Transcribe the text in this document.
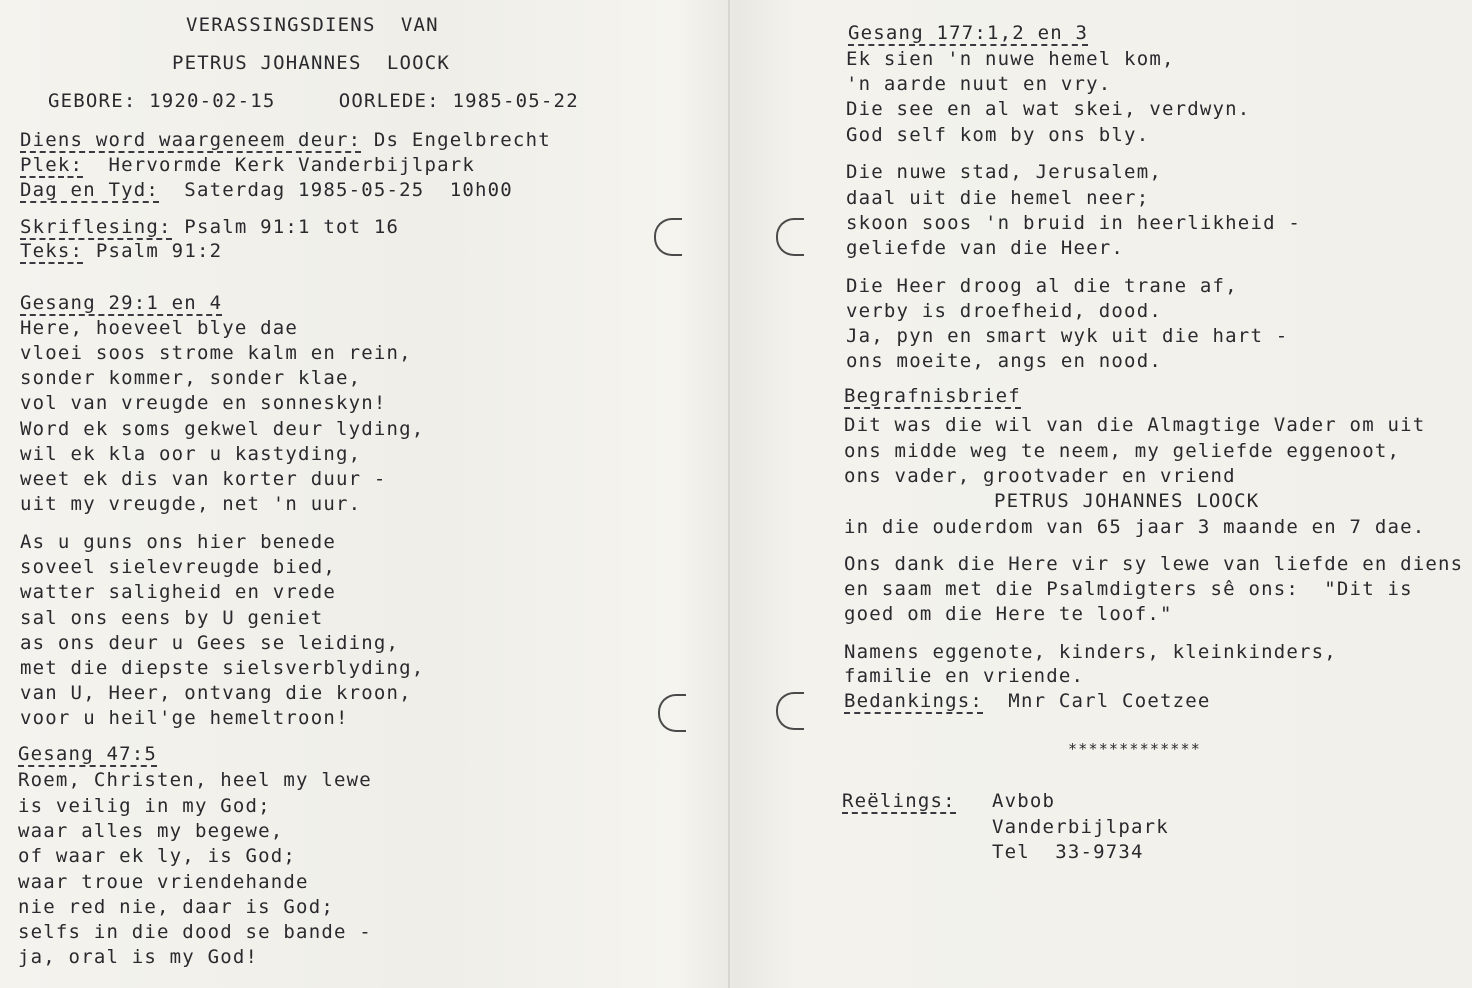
VERASSINGSDIENS  VAN
PETRUS JOHANNES  LOOCK
GEBORE: 1920-02-15     OORLEDE: 1985-05-22
Diens word waargeneem deur: Ds Engelbrecht
Plek:  Hervormde Kerk Vanderbijlpark
Dag en Tyd:  Saterdag 1985-05-25  10h00
Skriflesing: Psalm 91:1 tot 16
Teks: Psalm 91:2
Gesang 29:1 en 4
Here, hoeveel blye dae
vloei soos strome kalm en rein,
sonder kommer, sonder klae,
vol van vreugde en sonneskyn!
Word ek soms gekwel deur lyding,
wil ek kla oor u kastyding,
weet ek dis van korter duur -
uit my vreugde, net 'n uur.
As u guns ons hier benede
soveel sielevreugde bied,
watter saligheid en vrede
sal ons eens by U geniet
as ons deur u Gees se leiding,
met die diepste sielsverblyding,
van U, Heer, ontvang die kroon,
voor u heil'ge hemeltroon!
Gesang 47:5
Roem, Christen, heel my lewe
is veilig in my God;
waar alles my begewe,
of waar ek ly, is God;
waar troue vriendehande
nie red nie, daar is God;
selfs in die dood se bande -
ja, oral is my God!
Gesang 177:1,2 en 3
Ek sien 'n nuwe hemel kom,
'n aarde nuut en vry.
Die see en al wat skei, verdwyn.
God self kom by ons bly.
Die nuwe stad, Jerusalem,
daal uit die hemel neer;
skoon soos 'n bruid in heerlikheid -
geliefde van die Heer.
Die Heer droog al die trane af,
verby is droefheid, dood.
Ja, pyn en smart wyk uit die hart -
ons moeite, angs en nood.
Begrafnisbrief
Dit was die wil van die Almagtige Vader om uit
ons midde weg te neem, my geliefde eggenoot,
ons vader, grootvader en vriend
PETRUS JOHANNES LOOCK
in die ouderdom van 65 jaar 3 maande en 7 dae.
Ons dank die Here vir sy lewe van liefde en diens
en saam met die Psalmdigters sê ons:  "Dit is
goed om die Here te loof."
Namens eggenote, kinders, kleinkinders,
familie en vriende.
Bedankings:  Mnr Carl Coetzee
*************
Reëlings: Avbob
Vanderbijlpark
Tel  33-9734
